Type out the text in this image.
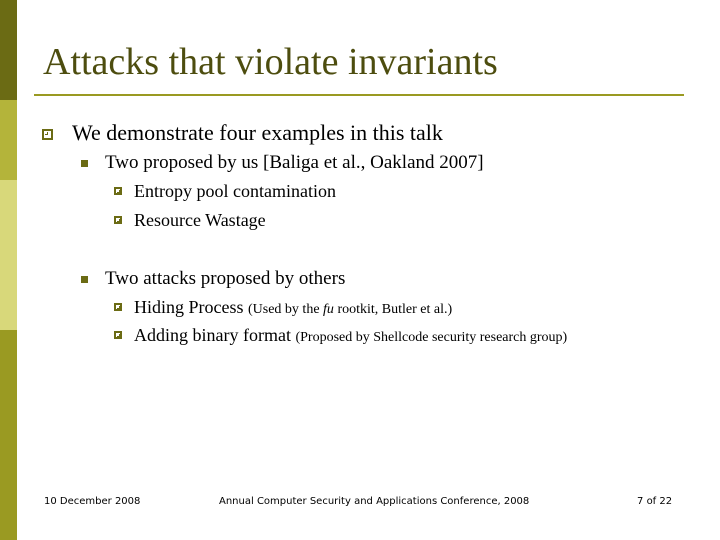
Attacks that violate invariants
We demonstrate four examples in this talk
Two proposed by us [Baliga et al., Oakland 2007]
Entropy pool contamination
Resource Wastage
Two attacks proposed by others
Hiding Process (Used by the fu rootkit, Butler et al.)
Adding binary format (Proposed by Shellcode security research group)
10 December 2008	Annual Computer Security and Applications Conference, 2008	7 of 22
